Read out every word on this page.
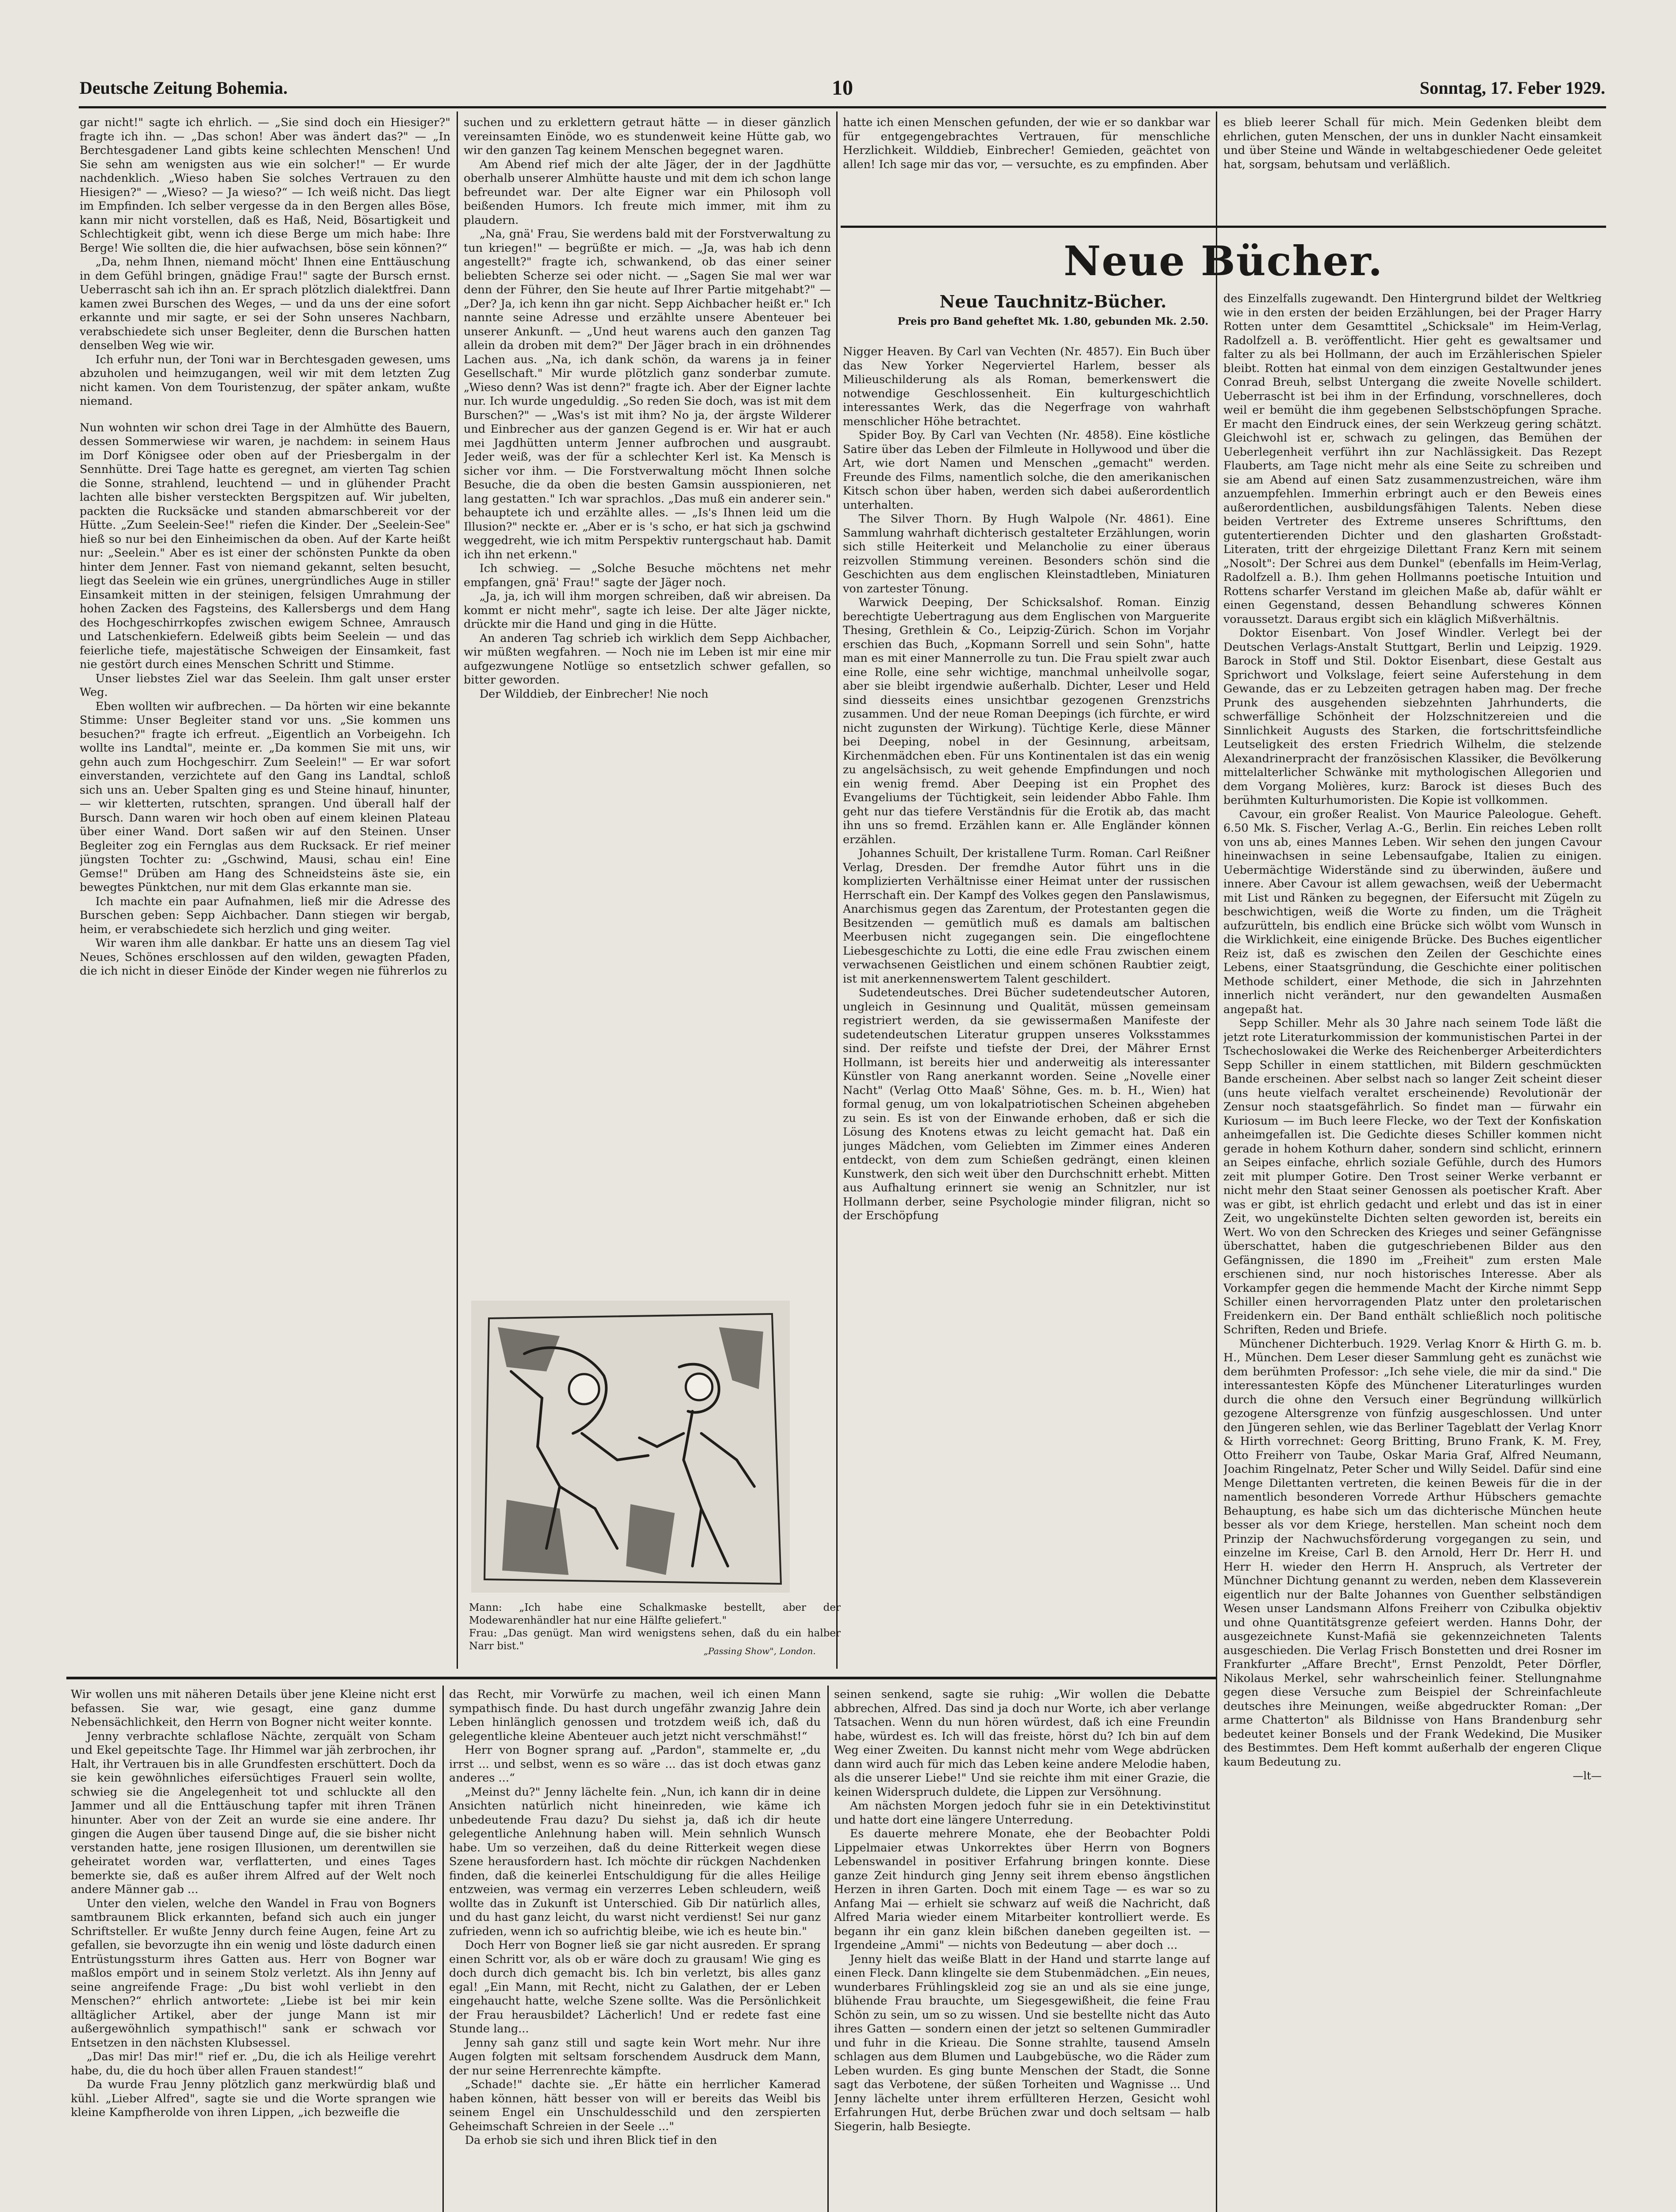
Deutsche Zeitung Bohemia.	10	Sonntag, 17. Feber 1929.

gar nicht!" sagte ich ehrlich. — „Sie sind doch ein Hiesiger?" fragte ich ihn. — „Das schon! Aber was ändert das?" — „In Berchtesgadener Land gibts keine schlechten Menschen! Und Sie sehn am wenigsten aus wie ein solcher!" — Er wurde nachdenklich. „Wieso haben Sie solches Vertrauen zu den Hiesigen?" — „Wieso? — Ja wieso?“ — Ich weiß nicht. Das liegt im Empfinden. Ich selber vergesse da in den Bergen alles Böse, kann mir nicht vorstellen, daß es Haß, Neid, Bösartigkeit und Schlechtigkeit gibt, wenn ich diese Berge um mich habe: Ihre Berge! Wie sollten die, die hier aufwachsen, böse sein können?“

„Da, nehm Ihnen, niemand möcht' Ihnen eine Enttäuschung in dem Gefühl bringen, gnädige Frau!" sagte der Bursch ernst. Ueberrascht sah ich ihn an. Er sprach plötzlich dialektfrei. Dann kamen zwei Burschen des Weges, — und da uns der eine sofort erkannte und mir sagte, er sei der Sohn unseres Nachbarn, verabschiedete sich unser Begleiter, denn die Burschen hatten denselben Weg wie wir.

Ich erfuhr nun, der Toni war in Berchtesgaden gewesen, ums abzuholen und heimzugangen, weil wir mit dem letzten Zug nicht kamen. Von dem Touristenzug, der später ankam, wußte niemand.

Nun wohnten wir schon drei Tage in der Almhütte des Bauern, dessen Sommerwiese wir waren, je nachdem: in seinem Haus im Dorf Königsee oder oben auf der Priesbergalm in der Sennhütte. Drei Tage hatte es geregnet, am vierten Tag schien die Sonne, strahlend, leuchtend — und in glühender Pracht lachten alle bisher versteckten Bergspitzen auf. Wir jubelten, packten die Rucksäcke und standen abmarschbereit vor der Hütte. „Zum Seelein-See!" riefen die Kinder. Der „Seelein-See" hieß so nur bei den Einheimischen da oben. Auf der Karte heißt nur: „Seelein." Aber es ist einer der schönsten Punkte da oben hinter dem Jenner. Fast von niemand gekannt, selten besucht, liegt das Seelein wie ein grünes, unergründliches Auge in stiller Einsamkeit mitten in der steinigen, felsigen Umrahmung der hohen Zacken des Fagsteins, des Kallersbergs und dem Hang des Hochgeschirrkopfes zwischen ewigem Schnee, Amrausch und Latschenkiefern. Edelweiß gibts beim Seelein — und das feierliche tiefe, majestätische Schweigen der Einsamkeit, fast nie gestört durch eines Menschen Schritt und Stimme.

Unser liebstes Ziel war das Seelein. Ihm galt unser erster Weg.

Eben wollten wir aufbrechen. — Da hörten wir eine bekannte Stimme: Unser Begleiter stand vor uns. „Sie kommen uns besuchen?" fragte ich erfreut. „Eigentlich an Vorbeigehn. Ich wollte ins Landtal", meinte er. „Da kommen Sie mit uns, wir gehn auch zum Hochgeschirr. Zum Seelein!" — Er war sofort einverstanden, verzichtete auf den Gang ins Landtal, schloß sich uns an. Ueber Spalten ging es und Steine hinauf, hinunter, — wir kletterten, rutschten, sprangen. Und überall half der Bursch. Dann waren wir hoch oben auf einem kleinen Plateau über einer Wand. Dort saßen wir auf den Steinen. Unser Begleiter zog ein Fernglas aus dem Rucksack. Er rief meiner jüngsten Tochter zu: „Gschwind, Mausi, schau ein! Eine Gemse!" Drüben am Hang des Schneidsteins äste sie, ein bewegtes Pünktchen, nur mit dem Glas erkannte man sie.

Ich machte ein paar Aufnahmen, ließ mir die Adresse des Burschen geben: Sepp Aichbacher. Dann stiegen wir bergab, heim, er verabschiedete sich herzlich und ging weiter.

Wir waren ihm alle dankbar. Er hatte uns an diesem Tag viel Neues, Schönes erschlossen auf den wilden, gewagten Pfaden, die ich nicht in dieser Einöde der Kinder wegen nie führerlos zu

suchen und zu erklettern getraut hätte — in dieser gänzlich vereinsamten Einöde, wo es stundenweit keine Hütte gab, wo wir den ganzen Tag keinem Menschen begegnet waren.

Am Abend rief mich der alte Jäger, der in der Jagdhütte oberhalb unserer Almhütte hauste und mit dem ich schon lange befreundet war. Der alte Eigner war ein Philosoph voll beißenden Humors. Ich freute mich immer, mit ihm zu plaudern.

„Na, gnä' Frau, Sie werdens bald mit der Forstverwaltung zu tun kriegen!" — begrüßte er mich. — „Ja, was hab ich denn angestellt?" fragte ich, schwankend, ob das einer seiner beliebten Scherze sei oder nicht. — „Sagen Sie mal wer war denn der Führer, den Sie heute auf Ihrer Partie mitgehabt?" — „Der? Ja, ich kenn ihn gar nicht. Sepp Aichbacher heißt er." Ich nannte seine Adresse und erzählte unsere Abenteuer bei unserer Ankunft. — „Und heut warens auch den ganzen Tag allein da droben mit dem?" Der Jäger brach in ein dröhnendes Lachen aus. „Na, ich dank schön, da warens ja in feiner Gesellschaft." Mir wurde plötzlich ganz sonderbar zumute. „Wieso denn? Was ist denn?" fragte ich. Aber der Eigner lachte nur. Ich wurde ungeduldig. „So reden Sie doch, was ist mit dem Burschen?" — „Was's ist mit ihm? No ja, der ärgste Wilderer und Einbrecher aus der ganzen Gegend is er. Wir hat er auch mei Jagdhütten unterm Jenner aufbrochen und ausgraubt. Jeder weiß, was der für a schlechter Kerl ist. Ka Mensch is sicher vor ihm. — Die Forstverwaltung möcht Ihnen solche Besuche, die da oben die besten Gamsin ausspionieren, net lang gestatten." Ich war sprachlos. „Das muß ein anderer sein." behauptete ich und erzählte alles. — „Is's Ihnen leid um die Illusion?" neckte er. „Aber er is 's scho, er hat sich ja gschwind weggedreht, wie ich mitm Perspektiv runtergschaut hab. Damit ich ihn net erkenn."

Ich schwieg. — „Solche Besuche möchtens net mehr empfangen, gnä' Frau!" sagte der Jäger noch.

„Ja, ja, ich will ihm morgen schreiben, daß wir abreisen. Da kommt er nicht mehr", sagte ich leise. Der alte Jäger nickte, drückte mir die Hand und ging in die Hütte.

An anderen Tag schrieb ich wirklich dem Sepp Aichbacher, wir müßten wegfahren. — Noch nie im Leben ist mir eine mir aufgezwungene Notlüge so entsetzlich schwer gefallen, so bitter geworden.

Der Wilddieb, der Einbrecher! Nie noch

Mann: „Ich habe eine Schalkmaske bestellt, aber der Modewarenhändler hat nur eine Hälfte geliefert."
Frau: „Das genügt. Man wird wenigstens sehen, daß du ein halber Narr bist."	„Passing Show", London.

hatte ich einen Menschen gefunden, der wie er so dankbar war für entgegengebrachtes Vertrauen, für menschliche Herzlichkeit. Wilddieb, Einbrecher! Gemieden, geächtet von allen! Ich sage mir das vor, — versuchte, es zu empfinden. Aber

es blieb leerer Schall für mich. Mein Gedenken bleibt dem ehrlichen, guten Menschen, der uns in dunkler Nacht einsamkeit und über Steine und Wände in weltabgeschiedener Oede geleitet hat, sorgsam, behutsam und verläßlich.

Neue Bücher.
Neue Tauchnitz-Bücher.
Preis pro Band geheftet Mk. 1.80, gebunden Mk. 2.50.

Nigger Heaven. By Carl van Vechten (Nr. 4857). Ein Buch über das New Yorker Negerviertel Harlem, besser als Milieuschilderung als als Roman, bemerkenswert die notwendige Geschlossenheit. Ein kulturgeschichtlich interessantes Werk, das die Negerfrage von wahrhaft menschlicher Höhe betrachtet.

Spider Boy. By Carl van Vechten (Nr. 4858). Eine köstliche Satire über das Leben der Filmleute in Hollywood und über die Art, wie dort Namen und Menschen „gemacht" werden. Freunde des Films, namentlich solche, die den amerikanischen Kitsch schon über haben, werden sich dabei außerordentlich unterhalten.

The Silver Thorn. By Hugh Walpole (Nr. 4861). Eine Sammlung wahrhaft dichterisch gestalteter Erzählungen, worin sich stille Heiterkeit und Melancholie zu einer überaus reizvollen Stimmung vereinen. Besonders schön sind die Geschichten aus dem englischen Kleinstadtleben, Miniaturen von zartester Tönung.

Warwick Deeping, Der Schicksalshof. Roman. Einzig berechtigte Uebertragung aus dem Englischen von Marguerite Thesing, Grethlein & Co., Leipzig-Zürich. Schon im Vorjahr erschien das Buch, „Kopmann Sorrell und sein Sohn", hatte man es mit einer Mannerrolle zu tun. Die Frau spielt zwar auch eine Rolle, eine sehr wichtige, manchmal unheilvolle sogar, aber sie bleibt irgendwie außerhalb. Dichter, Leser und Held sind diesseits eines unsichtbar gezogenen Grenzstrichs zusammen. Und der neue Roman Deepings (ich fürchte, er wird nicht zugunsten der Wirkung). Tüchtige Kerle, diese Männer bei Deeping, nobel in der Gesinnung, arbeitsam, Kirchenmädchen eben. Für uns Kontinentalen ist das ein wenig zu angelsächsisch, zu weit gehende Empfindungen und noch ein wenig fremd. Aber Deeping ist ein Prophet des Evangeliums der Tüchtigkeit, sein leidender Abbo Fahle. Ihm geht nur das tiefere Verständnis für die Erotik ab, das macht ihn uns so fremd. Erzählen kann er. Alle Engländer können erzählen.

Johannes Schuilt, Der kristallene Turm. Roman. Carl Reißner Verlag, Dresden. Der fremdhe Autor führt uns in die komplizierten Verhältnisse einer Heimat unter der russischen Herrschaft ein. Der Kampf des Volkes gegen den Panslawismus, Anarchismus gegen das Zarentum, der Protestanten gegen die Besitzenden — gemütlich muß es damals am baltischen Meerbusen nicht zugegangen sein. Die eingeflochtene Liebesgeschichte zu Lotti, die eine edle Frau zwischen einem verwachsenen Geistlichen und einem schönen Raubtier zeigt, ist mit anerkennenswertem Talent geschildert.

Sudetendeutsches. Drei Bücher sudetendeutscher Autoren, ungleich in Gesinnung und Qualität, müssen gemeinsam registriert werden, da sie gewissermaßen Manifeste der sudetendeutschen Literatur gruppen unseres Volksstammes sind. Der reifste und tiefste der Drei, der Mährer Ernst Hollmann, ist bereits hier und anderweitig als interessanter Künstler von Rang anerkannt worden. Seine „Novelle einer Nacht" (Verlag Otto Maaß' Söhne, Ges. m. b. H., Wien) hat formal genug, um von lokalpatriotischen Scheinen abgeheben zu sein. Es ist von der Einwande erhoben, daß er sich die Lösung des Knotens etwas zu leicht gemacht hat. Daß ein junges Mädchen, vom Geliebten im Zimmer eines Anderen entdeckt, von dem zum Schießen gedrängt, einen kleinen Kunstwerk, den sich weit über den Durchschnitt erhebt. Mitten aus Aufhaltung erinnert sie wenig an Schnitzler, nur ist Hollmann derber, seine Psychologie minder filigran, nicht so der Erschöpfung

des Einzelfalls zugewandt. Den Hintergrund bildet der Weltkrieg wie in den ersten der beiden Erzählungen, bei der Prager Harry Rotten unter dem Gesamttitel „Schicksale" im Heim-Verlag, Radolfzell a. B. veröffentlicht. Hier geht es gewaltsamer und falter zu als bei Hollmann, der auch im Erzählerischen Spieler bleibt. Rotten hat einmal von dem einzigen Gestaltwunder jenes Conrad Breuh, selbst Untergang die zweite Novelle schildert. Ueberrascht ist bei ihm in der Erfindung, vorschnelleres, doch weil er bemüht die ihm gegebenen Selbstschöpfungen Sprache. Er macht den Eindruck eines, der sein Werkzeug gering schätzt. Gleichwohl ist er, schwach zu gelingen, das Bemühen der Ueberlegenheit verführt ihn zur Nachlässigkeit. Das Rezept Flauberts, am Tage nicht mehr als eine Seite zu schreiben und sie am Abend auf einen Satz zusammenzustreichen, wäre ihm anzuempfehlen. Immerhin erbringt auch er den Beweis eines außerordentlichen, ausbildungsfähigen Talents. Neben diese beiden Vertreter des Extreme unseres Schrifttums, den gutentertierenden Dichter und den glasharten Großstadt-Literaten, tritt der ehrgeizige Dilettant Franz Kern mit seinem „Nosolt": Der Schrei aus dem Dunkel" (ebenfalls im Heim-Verlag, Radolfzell a. B.). Ihm gehen Hollmanns poetische Intuition und Rottens scharfer Verstand im gleichen Maße ab, dafür wählt er einen Gegenstand, dessen Behandlung schweres Können voraussetzt. Daraus ergibt sich ein kläglich Mißverhältnis.

Doktor Eisenbart. Von Josef Windler. Verlegt bei der Deutschen Verlags-Anstalt Stuttgart, Berlin und Leipzig. 1929. Barock in Stoff und Stil. Doktor Eisenbart, diese Gestalt aus Sprichwort und Volkslage, feiert seine Auferstehung in dem Gewande, das er zu Lebzeiten getragen haben mag. Der freche Prunk des ausgehenden siebzehnten Jahrhunderts, die schwerfällige Schönheit der Holzschnitzereien und die Sinnlichkeit Augusts des Starken, die fortschrittsfeindliche Leutseligkeit des ersten Friedrich Wilhelm, die stelzende Alexandrinerpracht der französischen Klassiker, die Bevölkerung mittelalterlicher Schwänke mit mythologischen Allegorien und dem Vorgang Molières, kurz: Barock ist dieses Buch des berühmten Kulturhumoristen. Die Kopie ist vollkommen.

Cavour, ein großer Realist. Von Maurice Paleologue. Geheft. 6.50 Mk. S. Fischer, Verlag A.-G., Berlin. Ein reiches Leben rollt von uns ab, eines Mannes Leben. Wir sehen den jungen Cavour hineinwachsen in seine Lebensaufgabe, Italien zu einigen. Uebermächtige Widerstände sind zu überwinden, äußere und innere. Aber Cavour ist allem gewachsen, weiß der Uebermacht mit List und Ränken zu begegnen, der Eifersucht mit Zügeln zu beschwichtigen, weiß die Worte zu finden, um die Trägheit aufzurütteln, bis endlich eine Brücke sich wölbt vom Wunsch in die Wirklichkeit, eine einigende Brücke. Des Buches eigentlicher Reiz ist, daß es zwischen den Zeilen der Geschichte eines Lebens, einer Staatsgründung, die Geschichte einer politischen Methode schildert, einer Methode, die sich in Jahrzehnten innerlich nicht verändert, nur den gewandelten Ausmaßen angepaßt hat.

Sepp Schiller. Mehr als 30 Jahre nach seinem Tode läßt die jetzt rote Literaturkommission der kommunistischen Partei in der Tschechoslowakei die Werke des Reichenberger Arbeiterdichters Sepp Schiller in einem stattlichen, mit Bildern geschmückten Bande erscheinen. Aber selbst nach so langer Zeit scheint dieser (uns heute vielfach veraltet erscheinende) Revolutionär der Zensur noch staatsgefährlich. So findet man — fürwahr ein Kuriosum — im Buch leere Flecke, wo der Text der Konfiskation anheimgefallen ist. Die Gedichte dieses Schiller kommen nicht gerade in hohem Kothurn daher, sondern sind schlicht, erinnern an Seipes einfache, ehrlich soziale Gefühle, durch des Humors zeit mit plumper Gotire. Den Trost seiner Werke verbannt er nicht mehr den Staat seiner Genossen als poetischer Kraft. Aber was er gibt, ist ehrlich gedacht und erlebt und das ist in einer Zeit, wo ungekünstelte Dichten selten geworden ist, bereits ein Wert. Wo von den Schrecken des Krieges und seiner Gefängnisse überschattet, haben die gutgeschriebenen Bilder aus den Gefängnissen, die 1890 im „Freiheit" zum ersten Male erschienen sind, nur noch historisches Interesse. Aber als Vorkampfer gegen die hemmende Macht der Kirche nimmt Sepp Schiller einen hervorragenden Platz unter den proletarischen Freidenkern ein. Der Band enthält schließlich noch politische Schriften, Reden und Briefe.

Münchener Dichterbuch. 1929. Verlag Knorr & Hirth G. m. b. H., München. Dem Leser dieser Sammlung geht es zunächst wie dem berühmten Professor: „Ich sehe viele, die mir da sind." Die interessantesten Köpfe des Münchener Literaturlinges wurden durch die ohne den Versuch einer Begründung willkürlich gezogene Altersgrenze von fünfzig ausgeschlossen. Und unter den Jüngeren sehlen, wie das Berliner Tageblatt der Verlag Knorr & Hirth vorrechnet: Georg Britting, Bruno Frank, K. M. Frey, Otto Freiherr von Taube, Oskar Maria Graf, Alfred Neumann, Joachim Ringelnatz, Peter Scher und Willy Seidel. Dafür sind eine Menge Dilettanten vertreten, die keinen Beweis für die in der namentlich besonderen Vorrede Arthur Hübschers gemachte Behauptung, es habe sich um das dichterische München heute besser als vor dem Kriege, herstellen. Man scheint noch dem Prinzip der Nachwuchsförderung vorgegangen zu sein, und einzelne im Kreise, Carl B. den Arnold, Herr Dr. Herr H. und Herr H. wieder den Herrn H. Anspruch, als Vertreter der Münchner Dichtung genannt zu werden, neben dem Klasseverein eigentlich nur der Balte Johannes von Guenther selbständigen Wesen unser Landsmann Alfons Freiherr von Czibulka objektiv und ohne Quantitätsgrenze gefeiert werden. Hanns Dohr, der ausgezeichnete Kunst-Mafiä sie gekennzeichneten Talents ausgeschieden. Die Verlag Frisch Bonstetten und drei Rosner im Frankfurter „Affare Brecht", Ernst Penzoldt, Peter Dörfler, Nikolaus Merkel, sehr wahrscheinlich feiner. Stellungnahme gegen diese Versuche zum Beispiel der Schreinfachleute deutsches ihre Meinungen, weiße abgedruckter Roman: „Der arme Chatterton" als Bildnisse von Hans Brandenburg sehr bedeutet keiner Bonsels und der Frank Wedekind, Die Musiker des Bestimmtes. Dem Heft kommt außerhalb der engeren Clique kaum Bedeutung zu.

—lt—

Wir wollen uns mit näheren Details über jene Kleine nicht erst befassen. Sie war, wie gesagt, eine ganz dumme Nebensächlichkeit, den Herrn von Bogner nicht weiter konnte.

Jenny verbrachte schlaflose Nächte, zerquält von Scham und Ekel gepeitschte Tage. Ihr Himmel war jäh zerbrochen, ihr Halt, ihr Vertrauen bis in alle Grundfesten erschüttert. Doch da sie kein gewöhnliches eifersüchtiges Frauerl sein wollte, schwieg sie die Angelegenheit tot und schluckte all den Jammer und all die Enttäuschung tapfer mit ihren Tränen hinunter. Aber von der Zeit an wurde sie eine andere. Ihr gingen die Augen über tausend Dinge auf, die sie bisher nicht verstanden hatte, jene rosigen Illusionen, um derentwillen sie geheiratet worden war, verflatterten, und eines Tages bemerkte sie, daß es außer ihrem Alfred auf der Welt noch andere Männer gab ...

Unter den vielen, welche den Wandel in Frau von Bogners samtbraunem Blick erkannten, befand sich auch ein junger Schriftsteller. Er wußte Jenny durch feine Augen, feine Art zu gefallen, sie bevorzugte ihn ein wenig und löste dadurch einen Entrüstungssturm ihres Gatten aus. Herr von Bogner war maßlos empört und in seinem Stolz verletzt. Als ihn Jenny auf seine angreifende Frage: „Du bist wohl verliebt in den Menschen?“ ehrlich antwortete: „Liebe ist bei mir kein alltäglicher Artikel, aber der junge Mann ist mir außergewöhnlich sympathisch!" sank er schwach vor Entsetzen in den nächsten Klubsessel.

„Das mir! Das mir!" rief er. „Du, die ich als Heilige verehrt habe, du, die du hoch über allen Frauen standest!“

Da wurde Frau Jenny plötzlich ganz merkwürdig blaß und kühl. „Lieber Alfred", sagte sie und die Worte sprangen wie kleine Kampfherolde von ihren Lippen, „ich bezweifle die

das Recht, mir Vorwürfe zu machen, weil ich einen Mann sympathisch finde. Du hast durch ungefähr zwanzig Jahre dein Leben hinlänglich genossen und trotzdem weiß ich, daß du gelegentliche kleine Abenteuer auch jetzt nicht verschmähst!“

Herr von Bogner sprang auf. „Pardon", stammelte er, „du irrst ... und selbst, wenn es so wäre ... das ist doch etwas ganz anderes ...“

„Meinst du?" Jenny lächelte fein. „Nun, ich kann dir in deine Ansichten natürlich nicht hineinreden, wie käme ich unbedeutende Frau dazu? Du siehst ja, daß ich dir heute gelegentliche Anlehnung haben will. Mein sehnlich Wunsch habe. Um so verzeihen, daß du deine Ritterkeit wegen diese Szene herausfordern hast. Ich möchte dir rückgen Nachdenken finden, daß die keinerlei Entschuldigung für die alles Heilige entzweien, was vermag ein verzerres Leben schleudern, weiß wollte das in Zukunft ist Unterschied. Gib Dir natürlich alles, und du hast ganz leicht, du warst nicht verdienst! Sei nur ganz zufrieden, wenn ich so aufrichtig bleibe, wie ich es heute bin."

Doch Herr von Bogner ließ sie gar nicht ausreden. Er sprang einen Schritt vor, als ob er wäre doch zu grausam! Wie ging es doch durch dich gemacht bis. Ich bin verletzt, bis alles ganz egal! „Ein Mann, mit Recht, nicht zu Galathen, der er Leben eingehaucht hatte, welche Szene sollte. Was die Persönlichkeit der Frau herausbildet? Lächerlich! Und er redete fast eine Stunde lang...

Jenny sah ganz still und sagte kein Wort mehr. Nur ihre Augen folgten mit seltsam forschendem Ausdruck dem Mann, der nur seine Herrenrechte kämpfte.

„Schade!" dachte sie. „Er hätte ein herrlicher Kamerad haben können, hätt besser von will er bereits das Weibl bis seinem Engel ein Unschuldesschild und den zerspierten Geheimschaft Schreien in der Seele ..."

Da erhob sie sich und ihren Blick tief in den

seinen senkend, sagte sie ruhig: „Wir wollen die Debatte abbrechen, Alfred. Das sind ja doch nur Worte, ich aber verlange Tatsachen. Wenn du nun hören würdest, daß ich eine Freundin habe, würdest es. Ich will das freiste, hörst du? Ich bin auf dem Weg einer Zweiten. Du kannst nicht mehr vom Wege abdrücken dann wird auch für mich das Leben keine andere Melodie haben, als die unserer Liebe!" Und sie reichte ihm mit einer Grazie, die keinen Widerspruch duldete, die Lippen zur Versöhnung.

Am nächsten Morgen jedoch fuhr sie in ein Detektivinstitut und hatte dort eine längere Unterredung.

Es dauerte mehrere Monate, ehe der Beobachter Poldi Lippelmaier etwas Unkorrektes über Herrn von Bogners Lebenswandel in positiver Erfahrung bringen konnte. Diese ganze Zeit hindurch ging Jenny seit ihrem ebenso ängstlichen Herzen in ihren Garten. Doch mit einem Tage — es war so zu Anfang Mai — erhielt sie schwarz auf weiß die Nachricht, daß Alfred Maria wieder einem Mitarbeiter kontrolliert werde. Es begann ihr ein ganz klein bißchen daneben gegeilten ist. — Irgendeine „Ammi" — nichts von Bedeutung — aber doch ...

Jenny hielt das weiße Blatt in der Hand und starrte lange auf einen Fleck. Dann klingelte sie dem Stubenmädchen. „Ein neues, wunderbares Frühlingskleid zog sie an und als sie eine junge, blühende Frau brauchte, um Siegesgewißheit, die feine Frau Schön zu sein, um so zu wissen. Und sie bestellte nicht das Auto ihres Gatten — sondern einen der jetzt so seltenen Gummiradler und fuhr in die Krieau. Die Sonne strahlte, tausend Amseln schlagen aus dem Blumen und Laubgebüsche, wo die Räder zum Leben wurden. Es ging bunte Menschen der Stadt, die Sonne sagt das Verbotene, der süßen Torheiten und Wagnisse ... Und Jenny lächelte unter ihrem erfüllteren Herzen, Gesicht wohl Erfahrungen Hut, derbe Brüchen zwar und doch seltsam — halb Siegerin, halb Besiegte.
